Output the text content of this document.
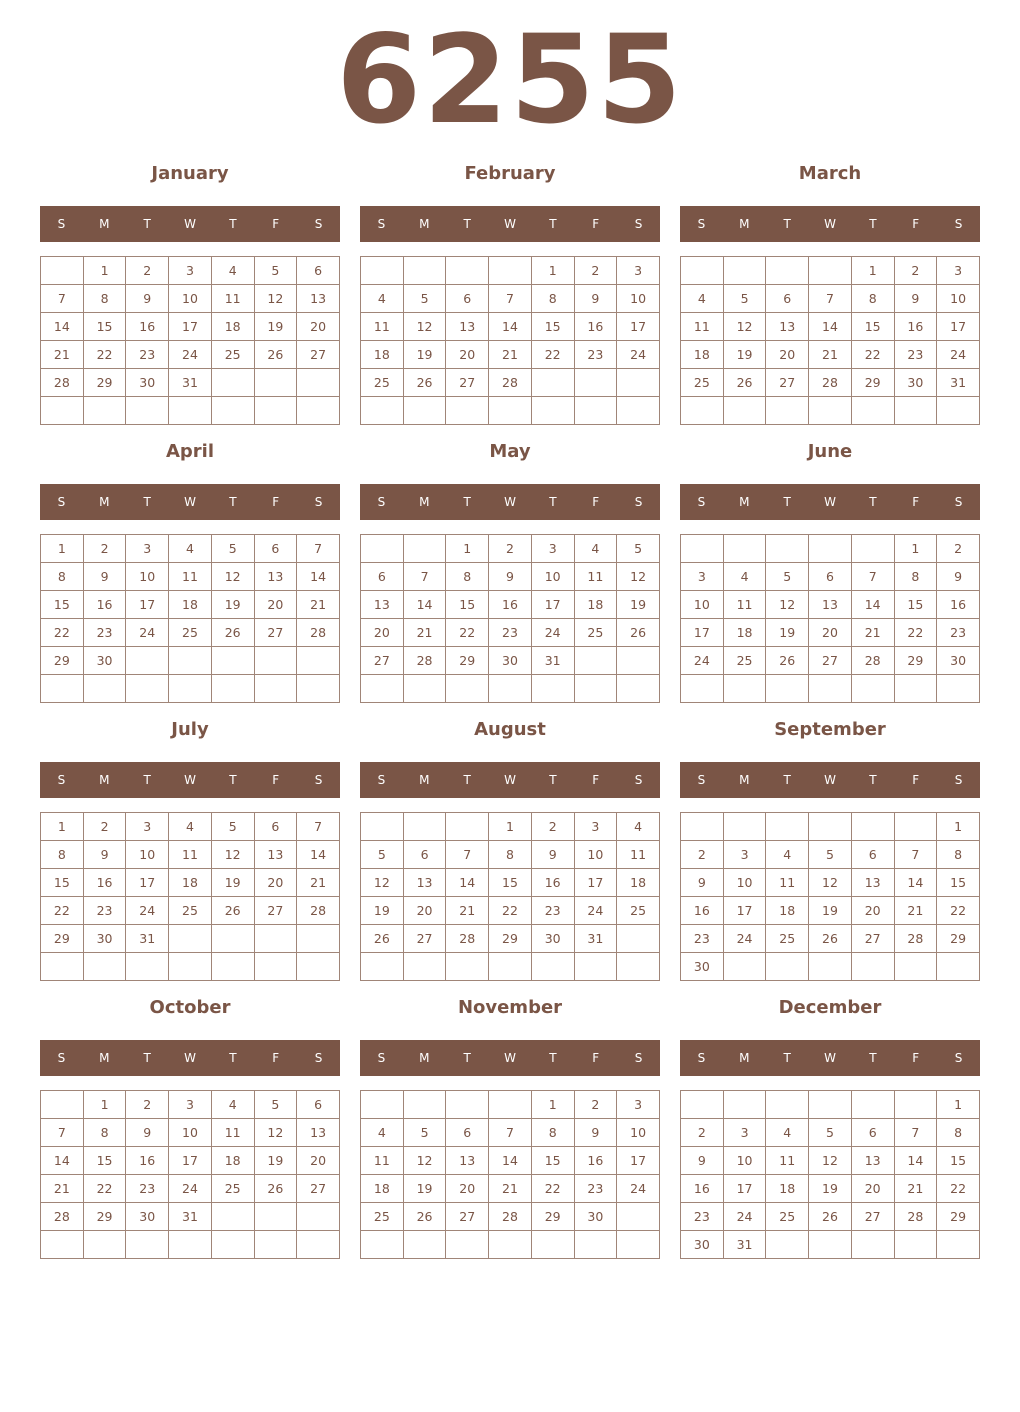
6255
January
S	M	T	W	T	F	S
	1	2	3	4	5	6
7	8	9	10	11	12	13
14	15	16	17	18	19	20
21	22	23	24	25	26	27
28	29	30	31			

February
S	M	T	W	T	F	S
				1	2	3
4	5	6	7	8	9	10
11	12	13	14	15	16	17
18	19	20	21	22	23	24
25	26	27	28			

March
S	M	T	W	T	F	S
				1	2	3
4	5	6	7	8	9	10
11	12	13	14	15	16	17
18	19	20	21	22	23	24
25	26	27	28	29	30	31

April
S	M	T	W	T	F	S
1	2	3	4	5	6	7
8	9	10	11	12	13	14
15	16	17	18	19	20	21
22	23	24	25	26	27	28
29	30					

May
S	M	T	W	T	F	S
		1	2	3	4	5
6	7	8	9	10	11	12
13	14	15	16	17	18	19
20	21	22	23	24	25	26
27	28	29	30	31		

June
S	M	T	W	T	F	S
					1	2
3	4	5	6	7	8	9
10	11	12	13	14	15	16
17	18	19	20	21	22	23
24	25	26	27	28	29	30

July
S	M	T	W	T	F	S
1	2	3	4	5	6	7
8	9	10	11	12	13	14
15	16	17	18	19	20	21
22	23	24	25	26	27	28
29	30	31				

August
S	M	T	W	T	F	S
			1	2	3	4
5	6	7	8	9	10	11
12	13	14	15	16	17	18
19	20	21	22	23	24	25
26	27	28	29	30	31	

September
S	M	T	W	T	F	S
						1
2	3	4	5	6	7	8
9	10	11	12	13	14	15
16	17	18	19	20	21	22
23	24	25	26	27	28	29
30						
October
S	M	T	W	T	F	S
	1	2	3	4	5	6
7	8	9	10	11	12	13
14	15	16	17	18	19	20
21	22	23	24	25	26	27
28	29	30	31			

November
S	M	T	W	T	F	S
				1	2	3
4	5	6	7	8	9	10
11	12	13	14	15	16	17
18	19	20	21	22	23	24
25	26	27	28	29	30	

December
S	M	T	W	T	F	S
						1
2	3	4	5	6	7	8
9	10	11	12	13	14	15
16	17	18	19	20	21	22
23	24	25	26	27	28	29
30	31					
